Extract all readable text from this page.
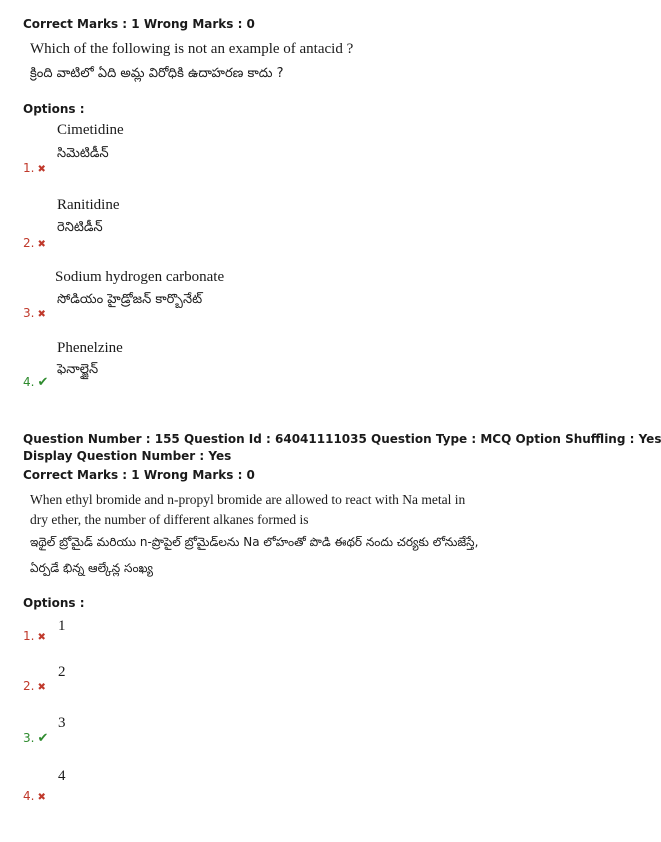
Correct Marks : 1 Wrong Marks : 0
Which of the following is not an example of antacid ?
క్రింది వాటిలో ఏది అమ్ల విరోధికి ఉదాహరణ కాదు ?
Options :
Cimetidine
సిమెటిడీన్
1. ✖
Ranitidine
రెనిటిడీన్
2. ✖
Sodium hydrogen carbonate
సోడియం హైడ్రోజన్ కార్బొనేట్
3. ✖
Phenelzine
ఫెనాల్జైన్
4. ✔
Question Number : 155 Question Id : 64041111035 Question Type : MCQ Option Shuffling : Yes
Display Question Number : Yes
Correct Marks : 1 Wrong Marks : 0
When ethyl bromide and n-propyl bromide are allowed to react with Na metal in
dry ether, the number of different alkanes formed is
ఇథైల్ బ్రోమైడ్ మరియు n-ప్రొపైల్ బ్రోమైడ్‌లను Na లోహంతో పొడి ఈథర్ నందు చర్యకు లోనుజేస్తే,
ఏర్పడే భిన్న ఆల్కేన్ల సంఖ్య
Options :
1. ✖
1
2. ✖
2
3. ✔
3
4. ✖
4
